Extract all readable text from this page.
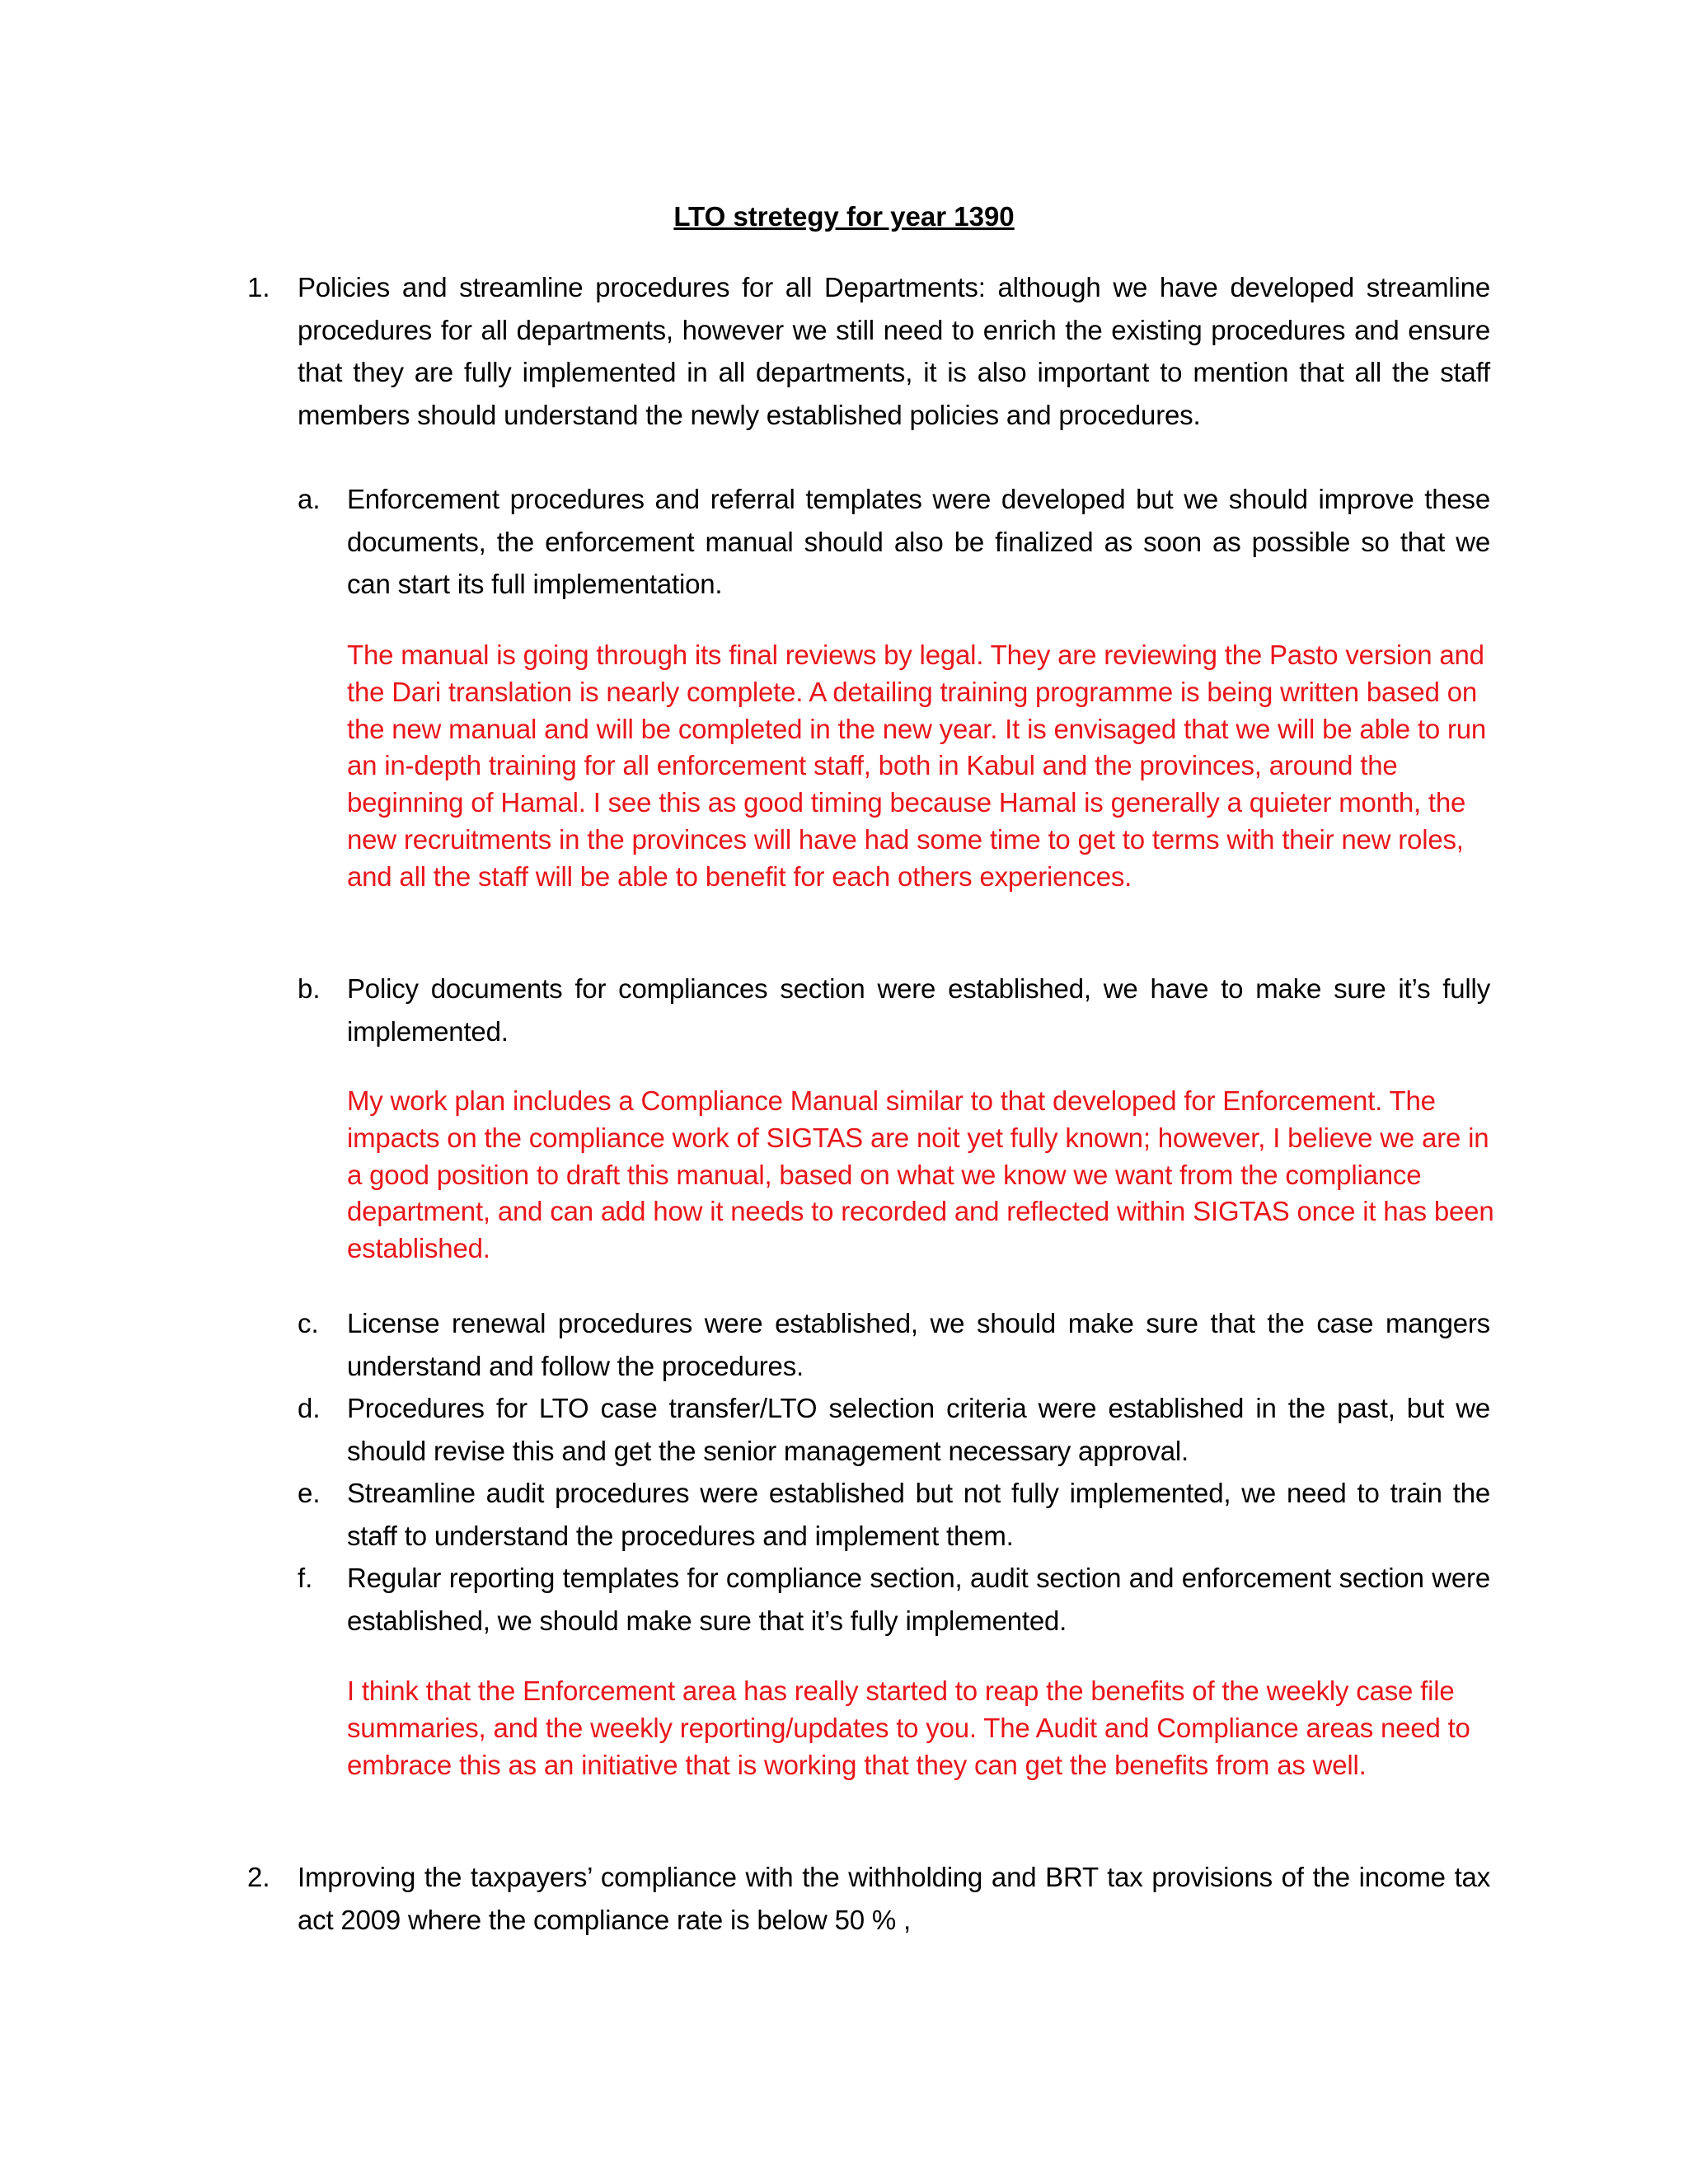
LTO stretegy for year 1390
1. Policies and streamline procedures for all Departments: although we have developed streamline procedures for all departments, however we still need to enrich the existing procedures and ensure that they are fully implemented in all departments, it is also important to mention that all the staff members should understand the newly established policies and procedures.
a. Enforcement procedures and referral templates were developed but we should improve these documents, the enforcement manual should also be finalized as soon as possible so that we can start its full implementation.
The manual is going through its final reviews by legal. They are reviewing the Pasto version and the Dari translation is nearly complete. A detailing training programme is being written based on the new manual and will be completed in the new year. It is envisaged that we will be able to run an in-depth training for all enforcement staff, both in Kabul and the provinces, around the beginning of Hamal. I see this as good timing because Hamal is generally a quieter month, the new recruitments in the provinces will have had some time to get to terms with their new roles, and all the staff will be able to benefit for each others experiences.
b. Policy documents for compliances section were established, we have to make sure it’s fully implemented.
My work plan includes a Compliance Manual similar to that developed for Enforcement. The impacts on the compliance work of SIGTAS are noit yet fully known; however, I believe we are in a good position to draft this manual, based on what we know we want from the compliance department, and can add how it needs to recorded and reflected within SIGTAS once it has been established.
c. License renewal procedures were established, we should make sure that the case mangers understand and follow the procedures.
d. Procedures for LTO case transfer/LTO selection criteria were established in the past, but we should revise this and get the senior management necessary approval.
e. Streamline audit procedures were established but not fully implemented, we need to train the staff to understand the procedures and implement them.
f. Regular reporting templates for compliance section, audit section and enforcement section were established, we should make sure that it’s fully implemented.
I think that the Enforcement area has really started to reap the benefits of the weekly case file summaries, and the weekly reporting/updates to you. The Audit and Compliance areas need to embrace this as an initiative that is working that they can get the benefits from as well.
2. Improving the taxpayers’ compliance with the withholding and BRT tax provisions of the income tax act 2009 where the compliance rate is below 50 % ,
